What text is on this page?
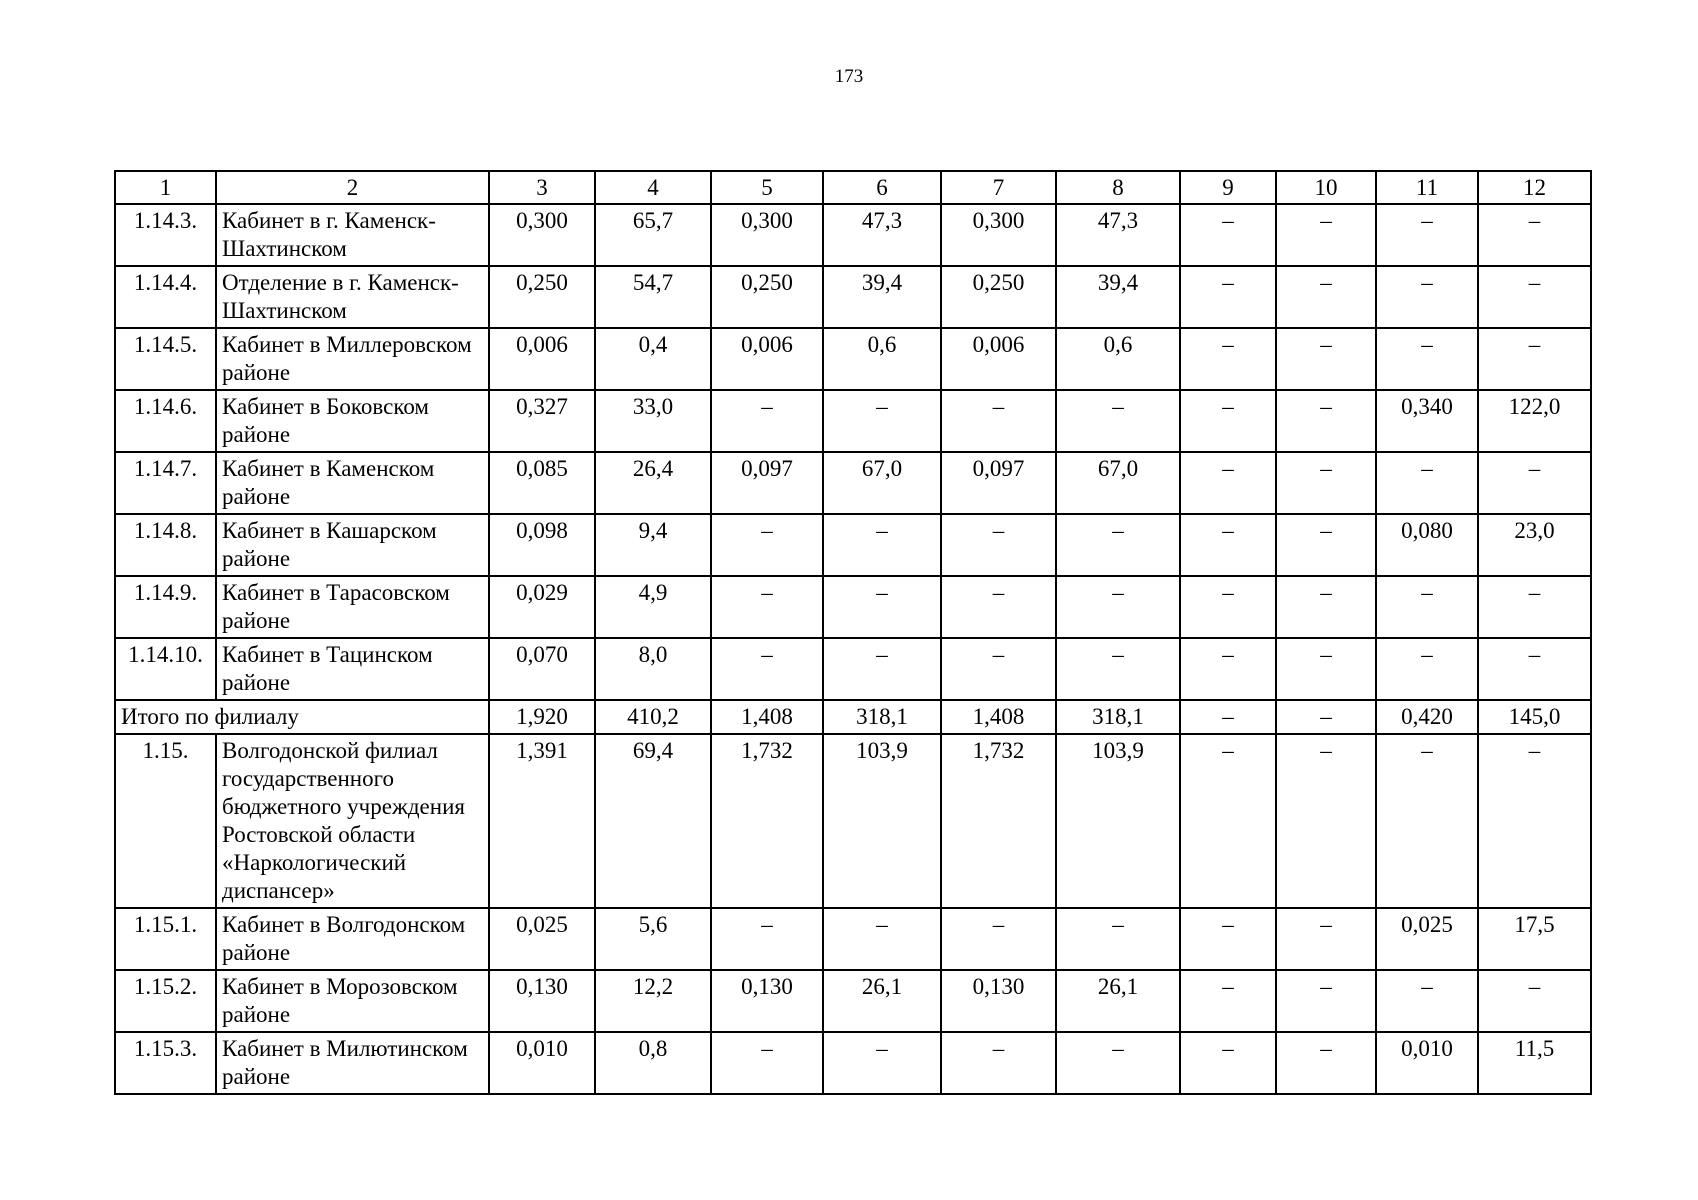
173
1	2	3	4	5	6	7	8	9	10	11	12
1.14.3.	Кабинет в г. Каменск-Шахтинском	0,300	65,7	0,300	47,3	0,300	47,3	–	–	–	–
1.14.4.	Отделение в г. Каменск-Шахтинском	0,250	54,7	0,250	39,4	0,250	39,4	–	–	–	–
1.14.5.	Кабинет в Миллеровском районе	0,006	0,4	0,006	0,6	0,006	0,6	–	–	–	–
1.14.6.	Кабинет в Боковском районе	0,327	33,0	–	–	–	–	–	–	0,340	122,0
1.14.7.	Кабинет в Каменском районе	0,085	26,4	0,097	67,0	0,097	67,0	–	–	–	–
1.14.8.	Кабинет в Кашарском районе	0,098	9,4	–	–	–	–	–	–	0,080	23,0
1.14.9.	Кабинет в Тарасовском районе	0,029	4,9	–	–	–	–	–	–	–	–
1.14.10.	Кабинет в Тацинском районе	0,070	8,0	–	–	–	–	–	–	–	–
Итого по филиалу		1,920	410,2	1,408	318,1	1,408	318,1	–	–	0,420	145,0
1.15.	Волгодонской филиал государственного бюджетного учреждения Ростовской области «Наркологический диспансер»	1,391	69,4	1,732	103,9	1,732	103,9	–	–	–	–
1.15.1.	Кабинет в Волгодонском районе	0,025	5,6	–	–	–	–	–	–	0,025	17,5
1.15.2.	Кабинет в Морозовском районе	0,130	12,2	0,130	26,1	0,130	26,1	–	–	–	–
1.15.3.	Кабинет в Милютинском районе	0,010	0,8	–	–	–	–	–	–	0,010	11,5
